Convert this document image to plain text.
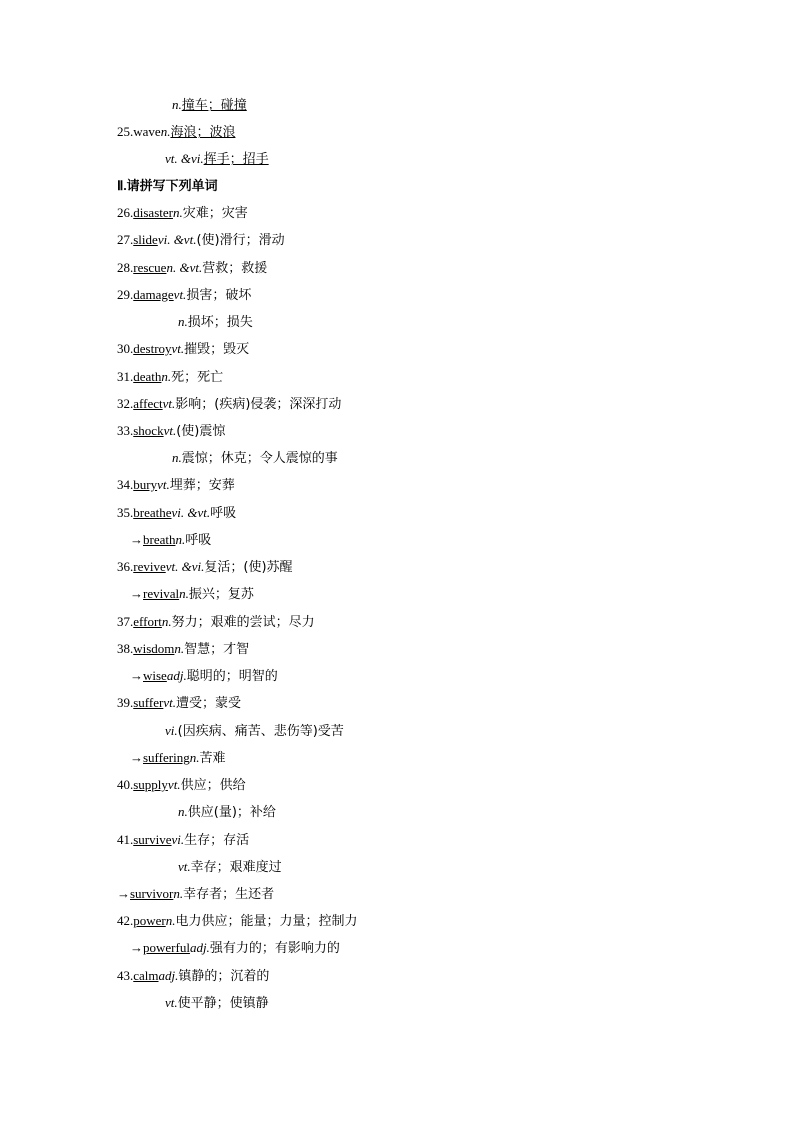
n.撞车；碰撞
25.waven.海浪；波浪
vt. &vi.挥手；招手
Ⅱ.请拼写下列单词
26.disastern.灾难；灾害
27.slidevi. &vt.(使)滑行；滑动
28.rescuen. &vt.营救；救援
29.damagevt.损害；破坏
n.损坏；损失
30.destroyvt.摧毁；毁灭
31.deathn.死；死亡
32.affectvt.影响；(疾病)侵袭；深深打动
33.shockvt.(使)震惊
n.震惊；休克；令人震惊的事
34.buryvt.埋葬；安葬
35.breathevi. &vt.呼吸
→breathn.呼吸
36.revivevt. &vi.复活；(使)苏醒
→revivaln.振兴；复苏
37.effortn.努力；艰难的尝试；尽力
38.wisdomn.智慧；才智
→wiseadj.聪明的；明智的
39.suffervt.遭受；蒙受
vi.(因疾病、痛苦、悲伤等)受苦
→sufferingn.苦难
40.supplyvt.供应；供给
n.供应(量)；补给
41.survivevi.生存；存活
vt.幸存；艰难度过
→survivorn.幸存者；生还者
42.powern.电力供应；能量；力量；控制力
→powerfuladj.强有力的；有影响力的
43.calmadj.镇静的；沉着的
vt.使平静；使镇静
